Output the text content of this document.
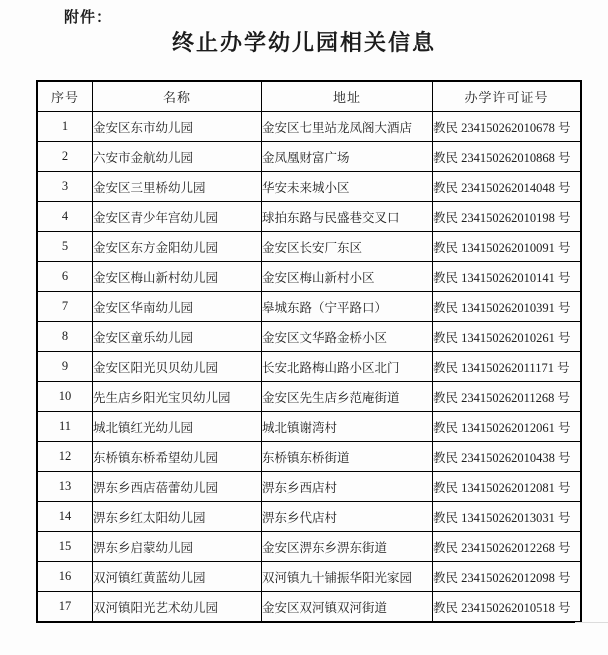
附件：
终止办学幼儿园相关信息
序号	名称	地址	办学许可证号
1	金安区东市幼儿园	金安区七里站龙凤阁大酒店	教民 234150262010678 号
2	六安市金航幼儿园	金凤凰财富广场	教民 234150262010868 号
3	金安区三里桥幼儿园	华安未来城小区	教民 234150262014048 号
4	金安区青少年宫幼儿园	球拍东路与民盛巷交叉口	教民 234150262010198 号
5	金安区东方金阳幼儿园	金安区长安厂东区	教民 134150262010091 号
6	金安区梅山新村幼儿园	金安区梅山新村小区	教民 134150262010141 号
7	金安区华南幼儿园	皋城东路（宁平路口）	教民 134150262010391 号
8	金安区童乐幼儿园	金安区文华路金桥小区	教民 134150262010261 号
9	金安区阳光贝贝幼儿园	长安北路梅山路小区北门	教民 134150262011171 号
10	先生店乡阳光宝贝幼儿园	金安区先生店乡范庵街道	教民 234150262011268 号
11	城北镇红光幼儿园	城北镇谢湾村	教民 134150262012061 号
12	东桥镇东桥希望幼儿园	东桥镇东桥街道	教民 234150262010438 号
13	淠东乡西店蓓蕾幼儿园	淠东乡西店村	教民 134150262012081 号
14	淠东乡红太阳幼儿园	淠东乡代店村	教民 134150262013031 号
15	淠东乡启蒙幼儿园	金安区淠东乡淠东街道	教民 234150262012268 号
16	双河镇红黄蓝幼儿园	双河镇九十铺振华阳光家园	教民 234150262012098 号
17	双河镇阳光艺术幼儿园	金安区双河镇双河街道	教民 234150262010518 号
